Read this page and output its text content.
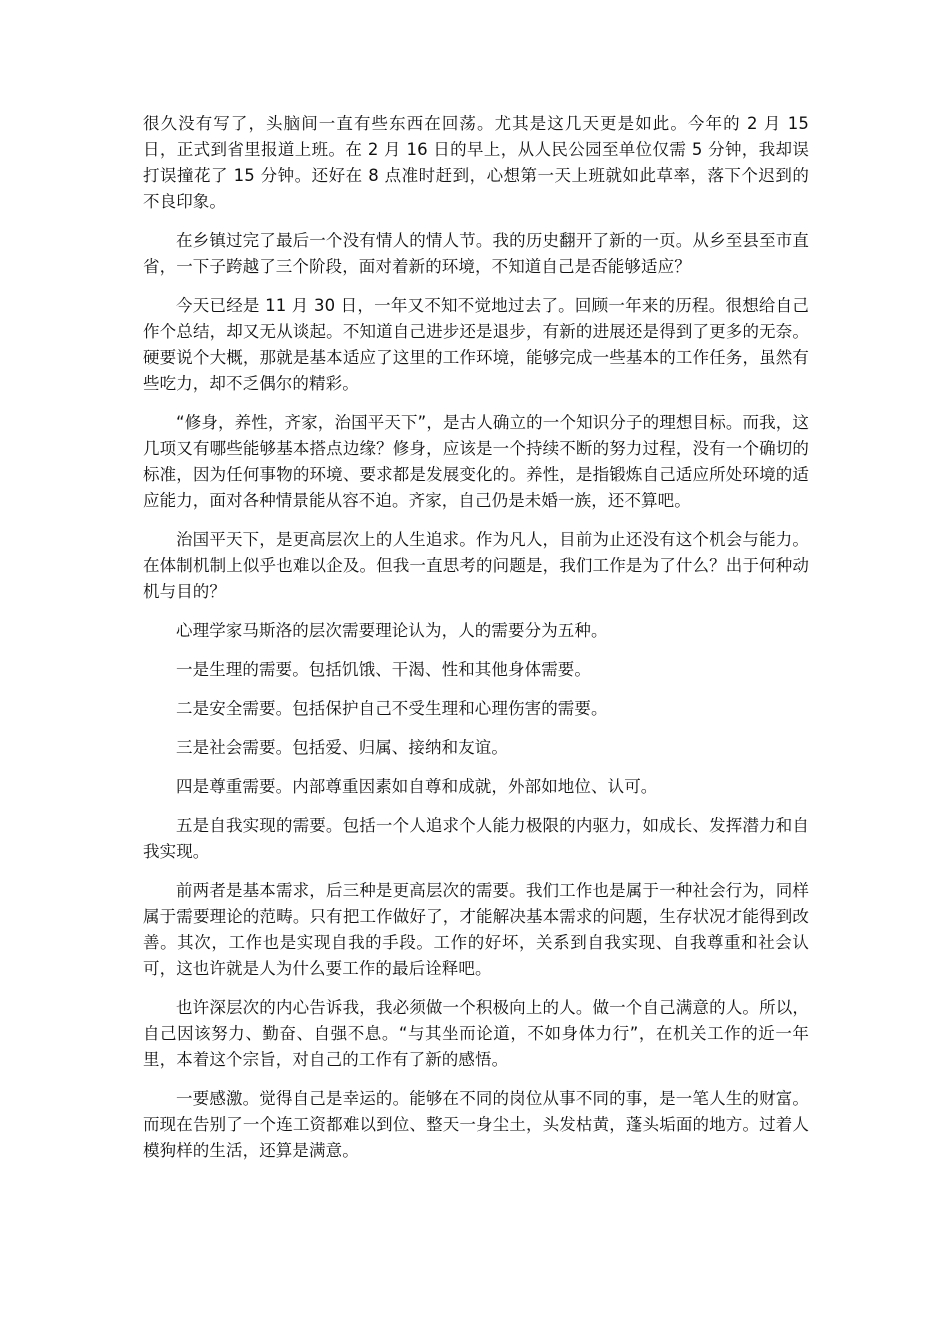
很久没有写了，头脑间一直有些东西在回荡。尤其是这几天更是如此。今年的 2 月 15 日，正式到省里报道上班。在 2 月 16 日的早上，从人民公园至单位仅需 5 分钟，我却误打误撞花了 15 分钟。还好在 8 点准时赶到，心想第一天上班就如此草率，落下个迟到的不良印象。

在乡镇过完了最后一个没有情人的情人节。我的历史翻开了新的一页。从乡至县至市直省，一下子跨越了三个阶段，面对着新的环境，不知道自己是否能够适应？

今天已经是 11 月 30 日，一年又不知不觉地过去了。回顾一年来的历程。很想给自己作个总结，却又无从谈起。不知道自己进步还是退步，有新的进展还是得到了更多的无奈。硬要说个大概，那就是基本适应了这里的工作环境，能够完成一些基本的工作任务，虽然有些吃力，却不乏偶尔的精彩。

“修身，养性，齐家，治国平天下”，是古人确立的一个知识分子的理想目标。而我，这几项又有哪些能够基本搭点边缘？修身，应该是一个持续不断的努力过程，没有一个确切的标准，因为任何事物的环境、要求都是发展变化的。养性，是指锻炼自己适应所处环境的适应能力，面对各种情景能从容不迫。齐家，自己仍是未婚一族，还不算吧。

治国平天下，是更高层次上的人生追求。作为凡人，目前为止还没有这个机会与能力。在体制机制上似乎也难以企及。但我一直思考的问题是，我们工作是为了什么？出于何种动机与目的？

心理学家马斯洛的层次需要理论认为，人的需要分为五种。

一是生理的需要。包括饥饿、干渴、性和其他身体需要。

二是安全需要。包括保护自己不受生理和心理伤害的需要。

三是社会需要。包括爱、归属、接纳和友谊。

四是尊重需要。内部尊重因素如自尊和成就，外部如地位、认可。

五是自我实现的需要。包括一个人追求个人能力极限的内驱力，如成长、发挥潜力和自我实现。

前两者是基本需求，后三种是更高层次的需要。我们工作也是属于一种社会行为，同样属于需要理论的范畴。只有把工作做好了，才能解决基本需求的问题，生存状况才能得到改善。其次，工作也是实现自我的手段。工作的好坏，关系到自我实现、自我尊重和社会认可，这也许就是人为什么要工作的最后诠释吧。

也许深层次的内心告诉我，我必须做一个积极向上的人。做一个自己满意的人。所以，自己因该努力、勤奋、自强不息。“与其坐而论道，不如身体力行”，在机关工作的近一年里，本着这个宗旨，对自己的工作有了新的感悟。

一要感激。觉得自己是幸运的。能够在不同的岗位从事不同的事，是一笔人生的财富。而现在告别了一个连工资都难以到位、整天一身尘土，头发枯黄，蓬头垢面的地方。过着人模狗样的生活，还算是满意。
